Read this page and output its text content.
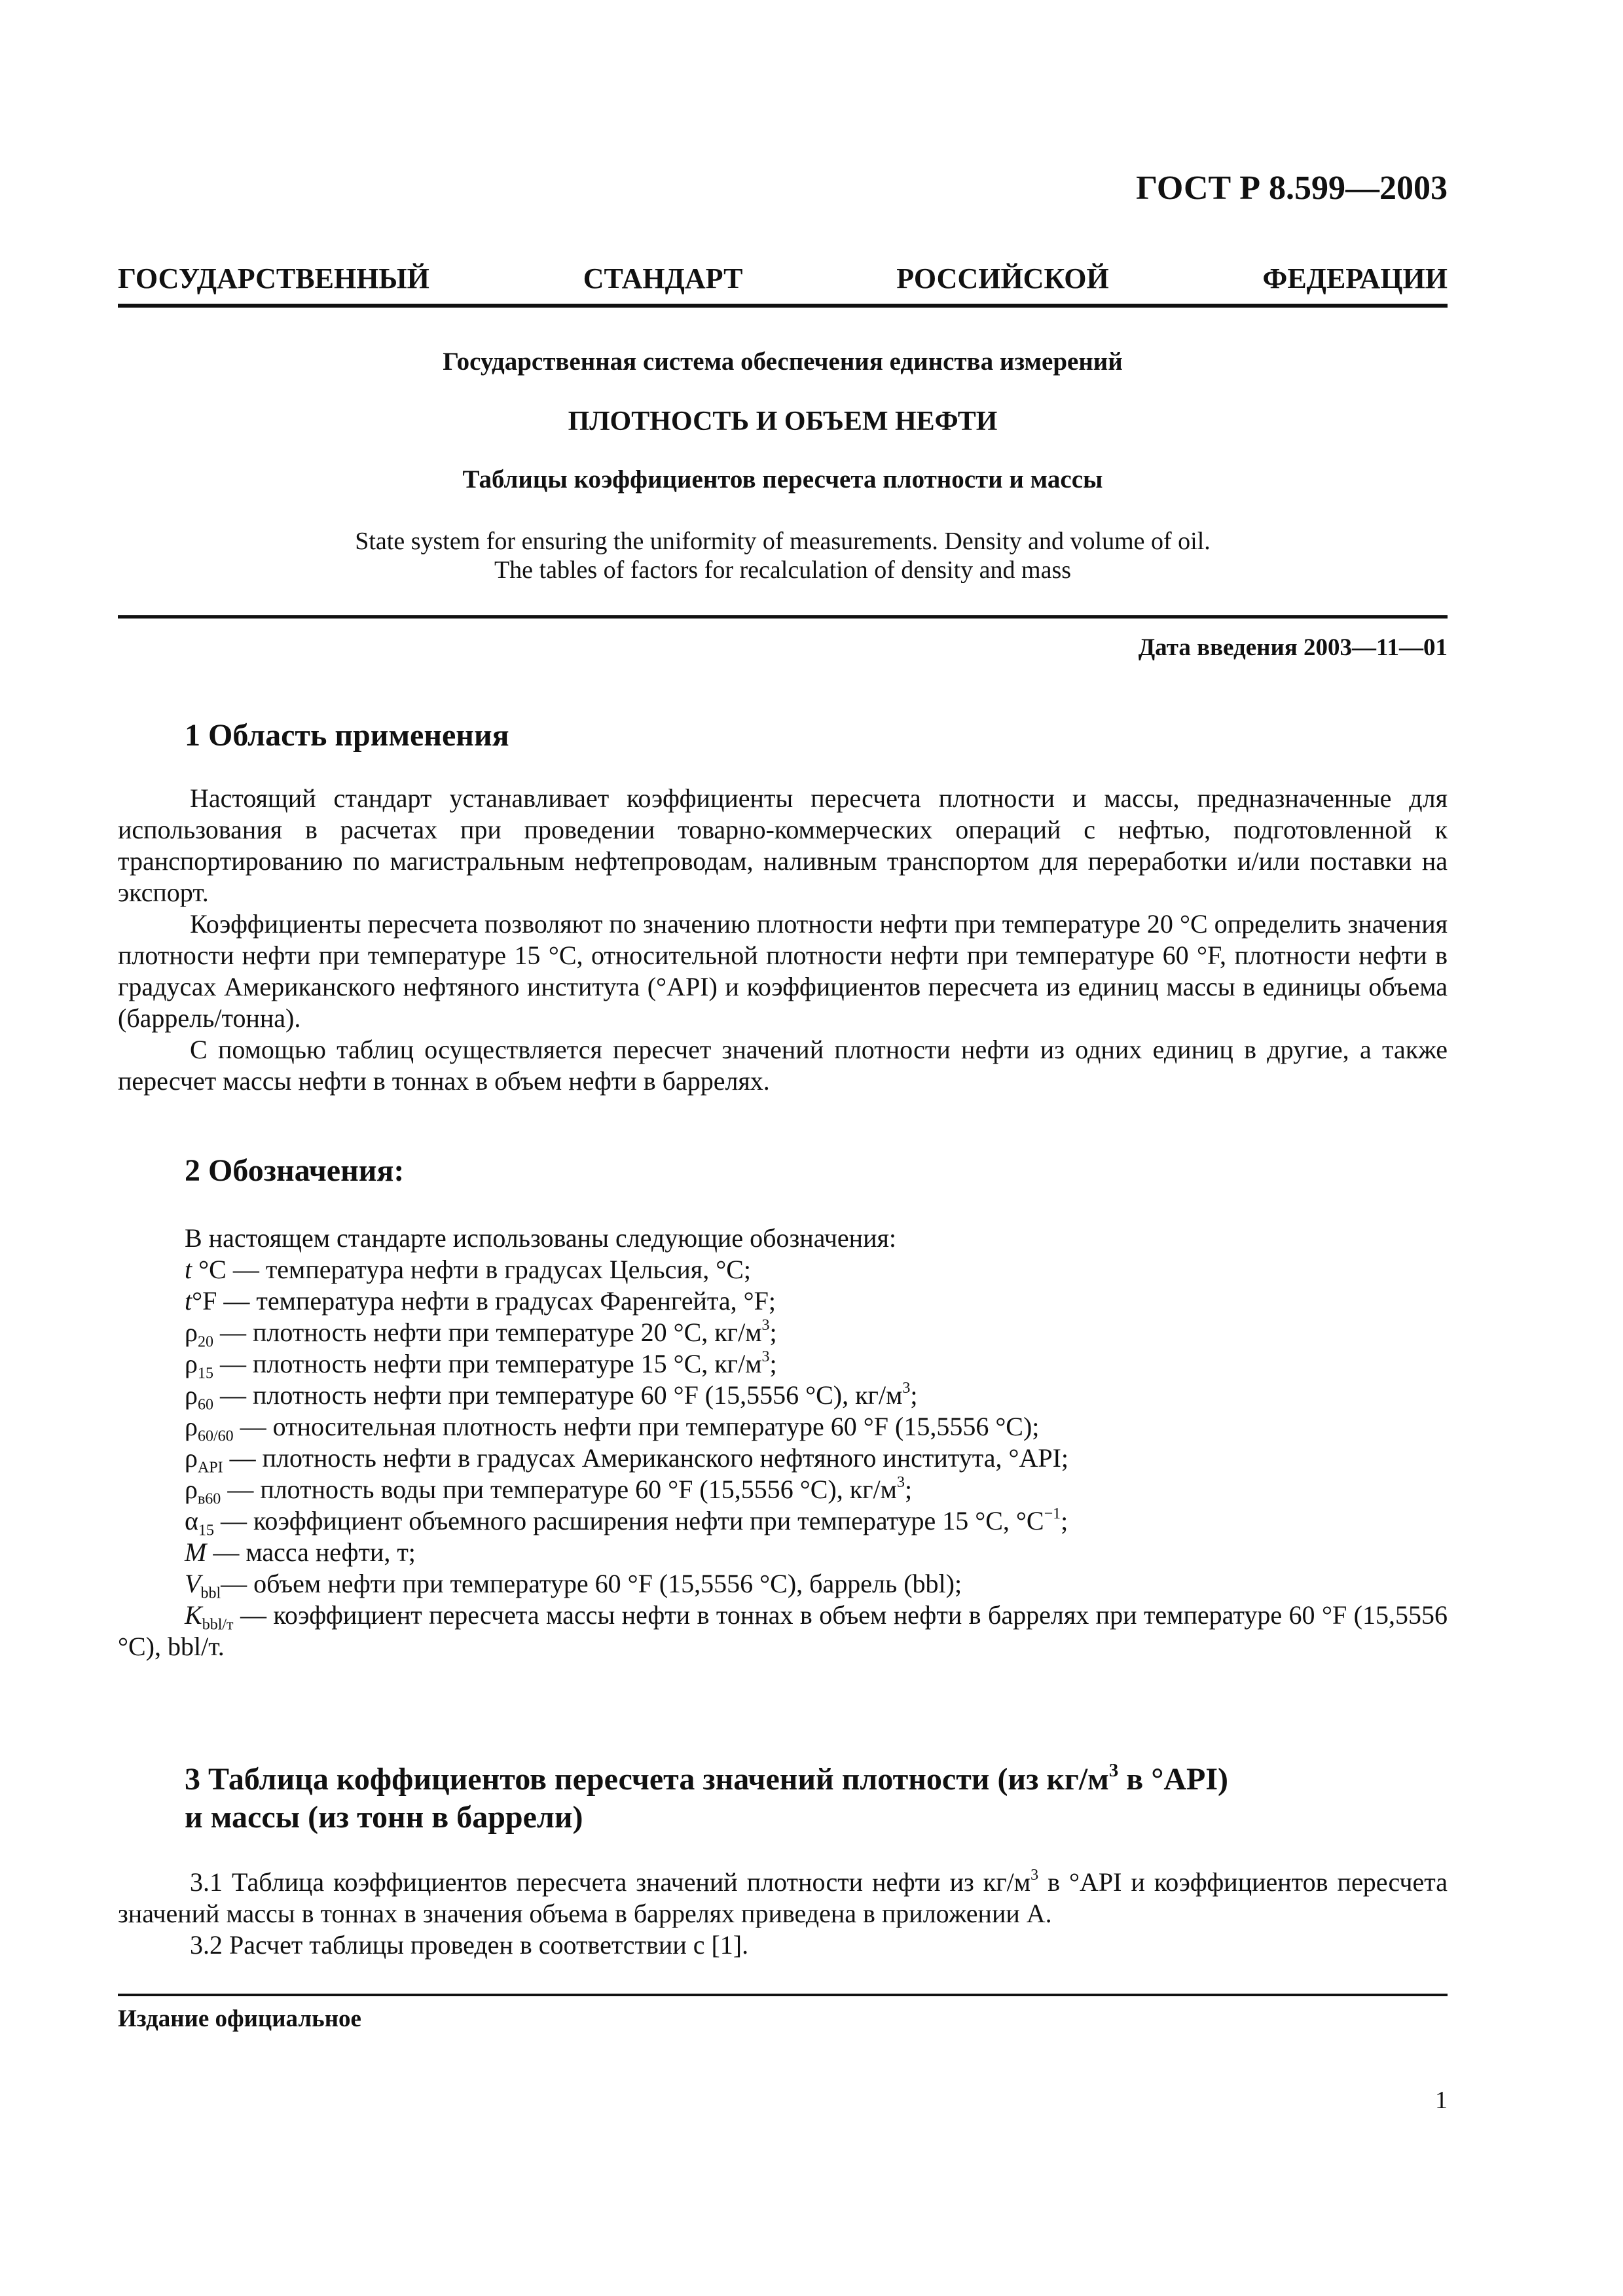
ГОСТ Р 8.599—2003
ГОСУДАРСТВЕННЫЙ СТАНДАРТ РОССИЙСКОЙ ФЕДЕРАЦИИ
Государственная система обеспечения единства измерений
ПЛОТНОСТЬ И ОБЪЕМ НЕФТИ
Таблицы коэффициентов пересчета плотности и массы
State system for ensuring the uniformity of measurements. Density and volume of oil.
The tables of factors for recalculation of density and mass
Дата введения 2003—11—01
1 Область применения

Настоящий стандарт устанавливает коэффициенты пересчета плотности и массы, предназначенные для использования в расчетах при проведении товарно-коммерческих операций с нефтью, подготовленной к транспортированию по магистральным нефтепроводам, наливным транспортом для переработки и/или поставки на экспорт.

Коэффициенты пересчета позволяют по значению плотности нефти при температуре 20 °C определить значения плотности нефти при температуре 15 °C, относительной плотности нефти при температуре 60 °F, плотности нефти в градусах Американского нефтяного института (°API) и коэффициентов пересчета из единиц массы в единицы объема (баррель/тонна).

С помощью таблиц осуществляется пересчет значений плотности нефти из одних единиц в другие, а также пересчет массы нефти в тоннах в объем нефти в баррелях.

2 Обозначения:

В настоящем стандарте использованы следующие обозначения:

t °C — температура нефти в градусах Цельсия, °C;

t°F — температура нефти в градусах Фаренгейта, °F;

$\rho_{20}$ — плотность нефти при температуре 20 °C, $кг/м^3$;

$\rho_{15}$ — плотность нефти при температуре 15 °C, $кг/м^3$;

$\rho_{60}$ — плотность нефти при температуре 60 °F (15,5556 °C), $кг/м^3$;

$\rho_{60/60}$ — относительная плотность нефти при температуре 60 °F (15,5556 °C);

$\rho_{API}$ — плотность нефти в градусах Американского нефтяного института, °API;

$\rho_{в60}$ — плотность воды при температуре 60 °F (15,5556 °C), $кг/м^3$;

$\alpha_{15}$ — коэффициент объемного расширения нефти при температуре 15 °C, $^\circ C^{-1}$;

M — масса нефти, т;

$V_{bbl}—$ объем нефти при температуре 60 °F (15,5556 °C), баррель (bbl);

$K_{bbl/т}$ — коэффициент пересчета массы нефти в тоннах в объем нефти в баррелях при температуре 60 °F (15,5556 °C), bbl/т.

3 Таблица коффициентов пересчета значений плотности (из $кг/м^3$ в °API)
и массы (из тонн в баррели)

3.1 Таблица коэффициентов пересчета значений плотности нефти из $кг/м^3$ в °API и коэффициентов пересчета значений массы в тоннах в значения объема в баррелях приведена в приложении А.

3.2 Расчет таблицы проведен в соответствии с [1].

Издание официальное
1
